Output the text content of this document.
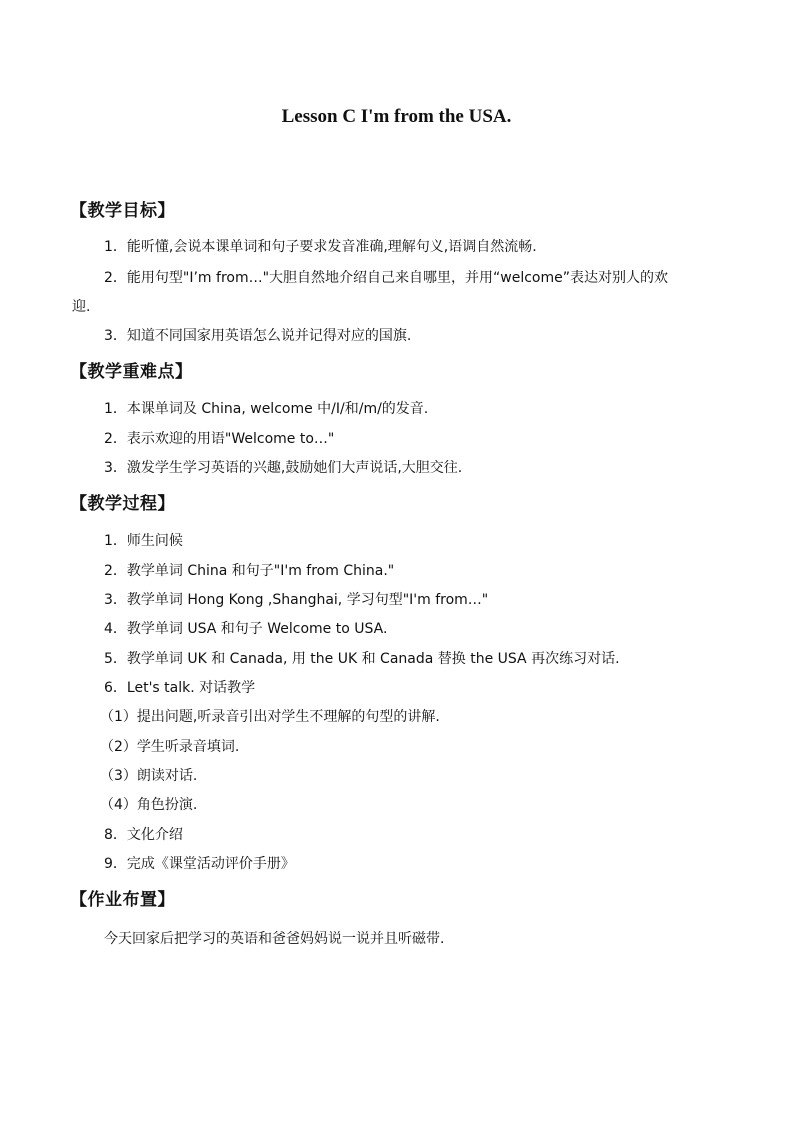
Lesson C I'm from the USA.
【教学目标】
1．能听懂,会说本课单词和句子要求发音准确,理解句义,语调自然流畅.
2．能用句型"I’m from…"大胆自然地介绍自己来自哪里，并用“welcome”表达对别人的欢
迎.
3．知道不同国家用英语怎么说并记得对应的国旗.
【教学重难点】
1．本课单词及 China, welcome 中/I/和/m/的发音.
2．表示欢迎的用语"Welcome to…"
3．激发学生学习英语的兴趣,鼓励她们大声说话,大胆交往.
【教学过程】
1．师生问候
2．教学单词 China 和句子"I'm from China."
3．教学单词 Hong Kong ,Shanghai, 学习句型"I'm from…"
4．教学单词 USA 和句子 Welcome to USA.
5．教学单词 UK 和 Canada, 用 the UK 和 Canada 替换 the USA 再次练习对话.
6．Let's talk. 对话教学
（1）提出问题,听录音引出对学生不理解的句型的讲解.
（2）学生听录音填词.
（3）朗读对话.
（4）角色扮演.
8．文化介绍
9．完成《课堂活动评价手册》
【作业布置】
今天回家后把学习的英语和爸爸妈妈说一说并且听磁带.
